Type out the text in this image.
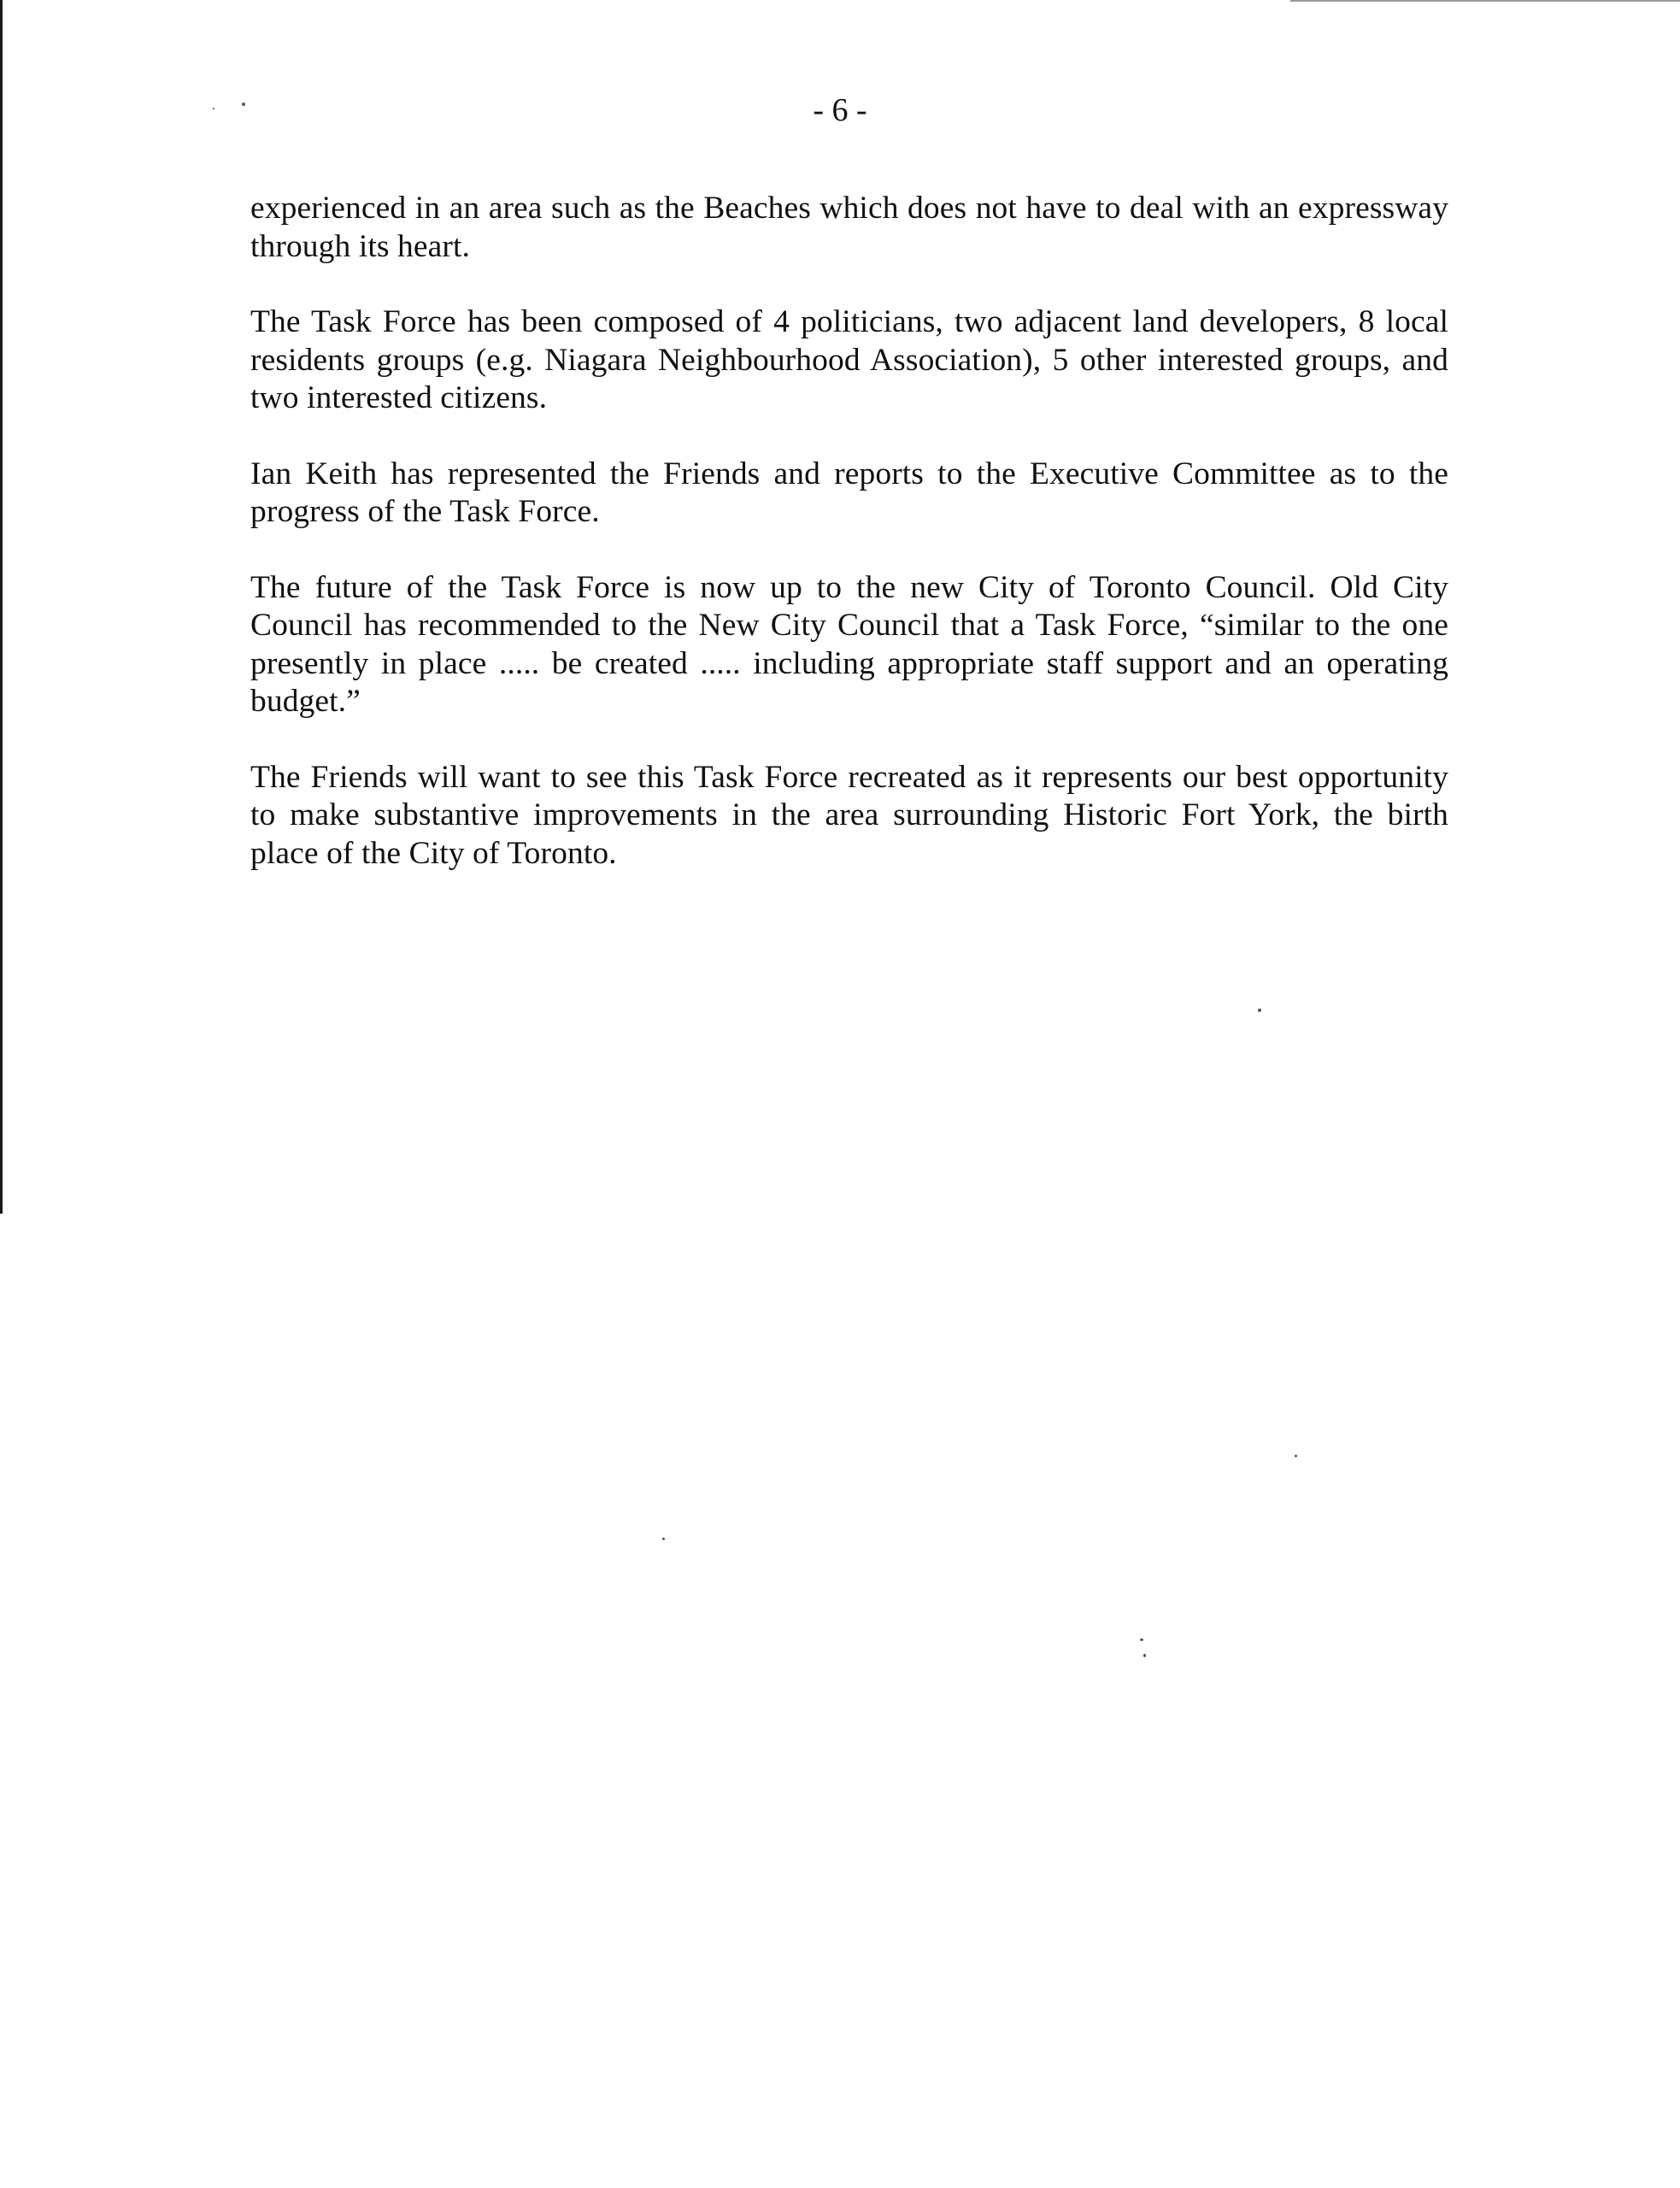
- 6 -

experienced in an area such as the Beaches which does not have to deal with an expressway through its heart.

The Task Force has been composed of 4 politicians, two adjacent land developers, 8 local residents groups (e.g. Niagara Neighbourhood Association), 5 other interested groups, and two interested citizens.

Ian Keith has represented the Friends and reports to the Executive Committee as to the progress of the Task Force.

The future of the Task Force is now up to the new City of Toronto Council. Old City Council has recommended to the New City Council that a Task Force, “similar to the one presently in place ..... be created ..... including appropriate staff support and an operating budget.”

The Friends will want to see this Task Force recreated as it represents our best opportunity to make substantive improvements in the area surrounding Historic Fort York, the birth place of the City of Toronto.
